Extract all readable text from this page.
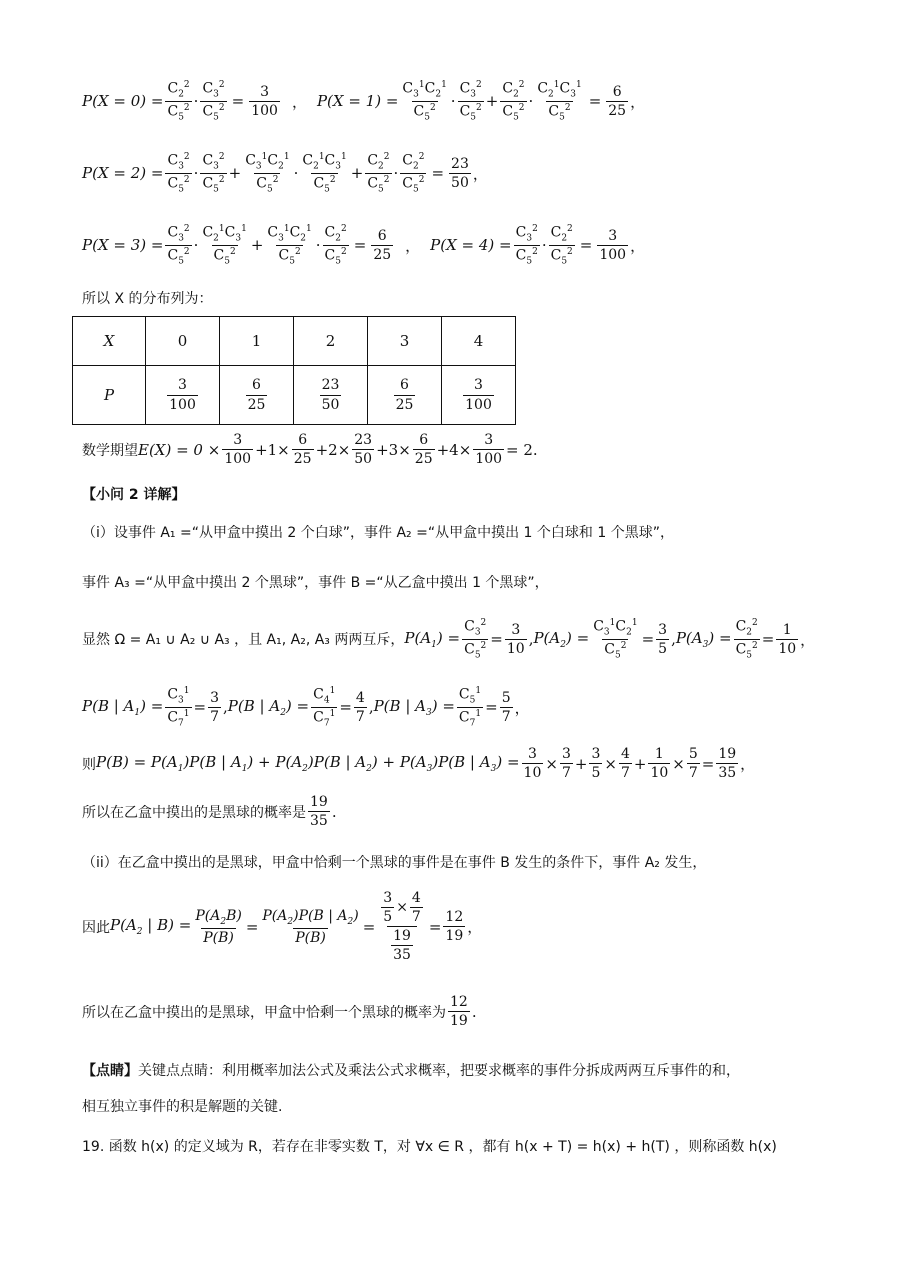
$P(X = 0) = \frac{C_2^2}{C_5^2} \cdot \frac{C_3^2}{C_5^2} = \frac{3}{100}$ ， $P(X = 1) = \frac{C_3^1C_2^1}{C_5^2} \cdot \frac{C_3^2}{C_5^2} + \frac{C_2^2}{C_5^2} \cdot \frac{C_2^1C_3^1}{C_5^2} = \frac{6}{25}$ ，
$P(X = 2) = \frac{C_3^2}{C_5^2} \cdot \frac{C_3^2}{C_5^2} + \frac{C_3^1C_2^1}{C_5^2} \cdot \frac{C_2^1C_3^1}{C_5^2} + \frac{C_2^2}{C_5^2} \cdot \frac{C_2^2}{C_5^2} = \frac{23}{50}$ ，
$P(X = 3) = \frac{C_3^2}{C_5^2} \cdot \frac{C_2^1C_3^1}{C_5^2} + \frac{C_3^1C_2^1}{C_5^2} \cdot \frac{C_2^2}{C_5^2} = \frac{6}{25}$ ， $P(X = 4) = \frac{C_3^2}{C_5^2} \cdot \frac{C_2^2}{C_5^2} = \frac{3}{100}$ ，
所以 X 的分布列为：
X	0	1	2	3	4
P	$\frac{3}{100}$	$\frac{6}{25}$	$\frac{23}{50}$	$\frac{6}{25}$	$\frac{3}{100}$
数学期望 $E(X) = 0 \times \frac{3}{100} +1\times \frac{6}{25} +2\times \frac{23}{50} +3\times \frac{6}{25} +4\times \frac{3}{100} = 2$.
【小问 2 详解】
（i）设事件 A₁ =“从甲盒中摸出 2 个白球”，事件 A₂ =“从甲盒中摸出 1 个白球和 1 个黑球”，
事件 A₃ =“从甲盒中摸出 2 个黑球”，事件 B =“从乙盒中摸出 1 个黑球”，
显然 Ω = A₁ ∪ A₂ ∪ A₃ ，且 A₁, A₂, A₃ 两两互斥， $P(A_1) = \frac{C_3^2}{C_5^2} = \frac{3}{10}$ , $P(A_2) = \frac{C_3^1C_2^1}{C_5^2} = \frac{3}{5}$ , $P(A_3) = \frac{C_2^2}{C_5^2} = \frac{1}{10}$ ，
P(B | $A_1) = \frac{C_3^1}{C_7^1} = \frac{3}{7}$ , P(B | $A_2) = \frac{C_4^1}{C_7^1} = \frac{4}{7}$ , P(B | $A_3) = \frac{C_5^1}{C_7^1} = \frac{5}{7}$ ，
则 $P(B) = P(A_1)P(B$ | $A_1) + P(A_2)P(B$ | $A_2) + P(A_3)P(B$ | $A_3) = \frac{3}{10} \times \frac{3}{7} + \frac{3}{5} \times \frac{4}{7} + \frac{1}{10} \times \frac{5}{7} = \frac{19}{35}$ ，
所以在乙盒中摸出的是黑球的概率是 $\frac{19}{35}$ .
（ii）在乙盒中摸出的是黑球，甲盒中恰剩一个黑球的事件是在事件 B 发生的条件下，事件 A₂ 发生，
因此 $P(A_2$ | $B) = \frac{P(A_2B)}{P(B)} = \frac{P(A_2)P(B | A_2)}{P(B)} = \frac{\frac{3}{5} \times \frac{4}{7}}{\frac{19}{35}} = \frac{12}{19}$ ，
所以在乙盒中摸出的是黑球，甲盒中恰剩一个黑球的概率为 $\frac{12}{19}$ .
【点睛】 关键点点睛：利用概率加法公式及乘法公式求概率，把要求概率的事件分拆成两两互斥事件的和，
相互独立事件的积是解题的关键.
19. 函数 h(x) 的定义域为 R，若存在非零实数 T，对 ∀x ∈ R ，都有 h(x + T) = h(x) + h(T) ，则称函数 h(x)
